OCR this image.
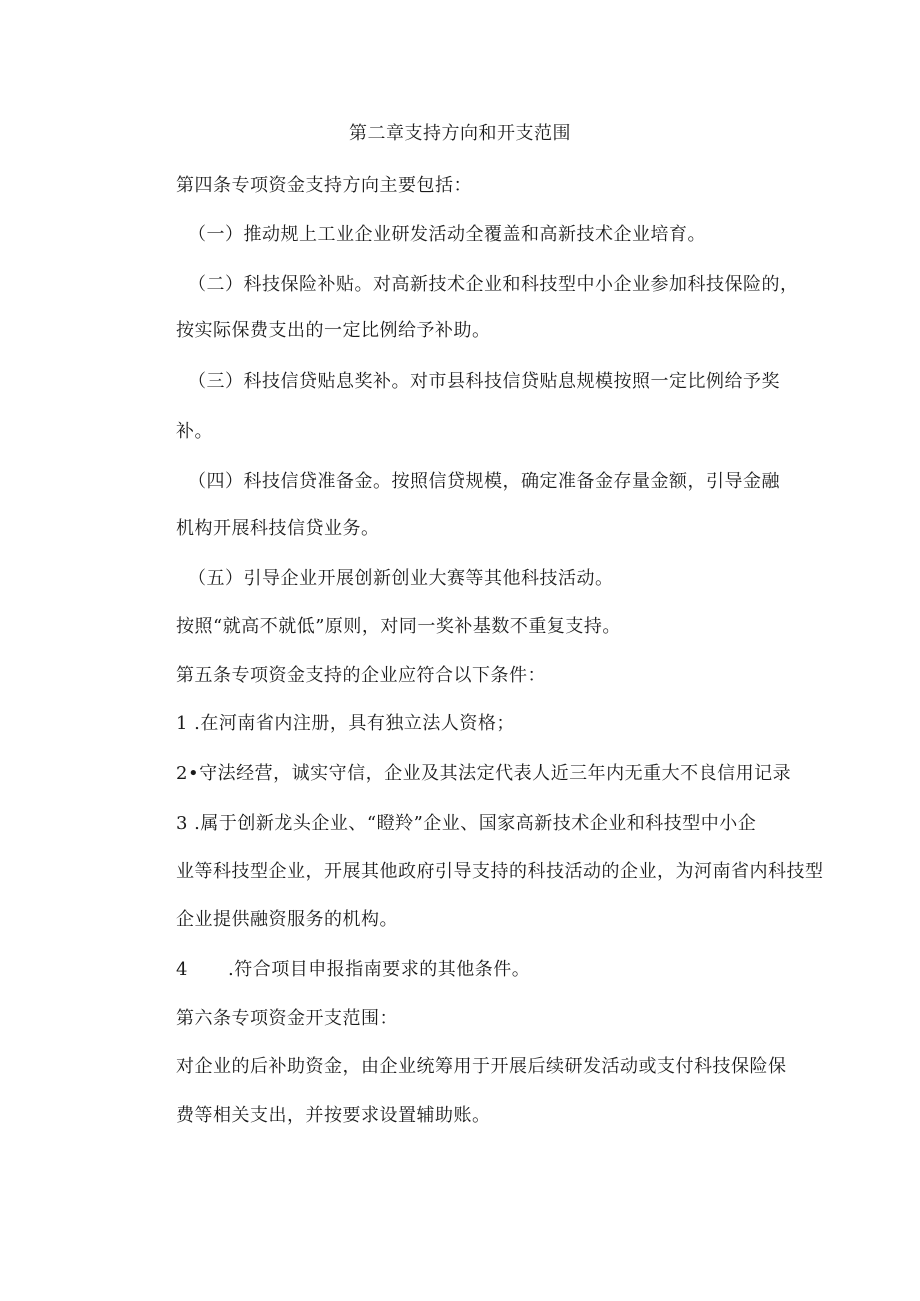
第二章支持方向和开支范围
第四条专项资金支持方向主要包括：
（一）推动规上工业企业研发活动全覆盖和高新技术企业培育。
（二）科技保险补贴。对高新技术企业和科技型中小企业参加科技保险的，
按实际保费支出的一定比例给予补助。
（三）科技信贷贴息奖补。对市县科技信贷贴息规模按照一定比例给予奖
补。
（四）科技信贷准备金。按照信贷规模，确定准备金存量金额，引导金融
机构开展科技信贷业务。
（五）引导企业开展创新创业大赛等其他科技活动。
按照“就高不就低”原则，对同一奖补基数不重复支持。
第五条专项资金支持的企业应符合以下条件：
1 .在河南省内注册，具有独立法人资格；
2•守法经营，诚实守信，企业及其法定代表人近三年内无重大不良信用记录
3 .属于创新龙头企业、“瞪羚”企业、国家高新技术企业和科技型中小企
业等科技型企业，开展其他政府引导支持的科技活动的企业，为河南省内科技型
企业提供融资服务的机构。
4 .符合项目申报指南要求的其他条件。
第六条专项资金开支范围：
对企业的后补助资金，由企业统筹用于开展后续研发活动或支付科技保险保
费等相关支出，并按要求设置辅助账。
